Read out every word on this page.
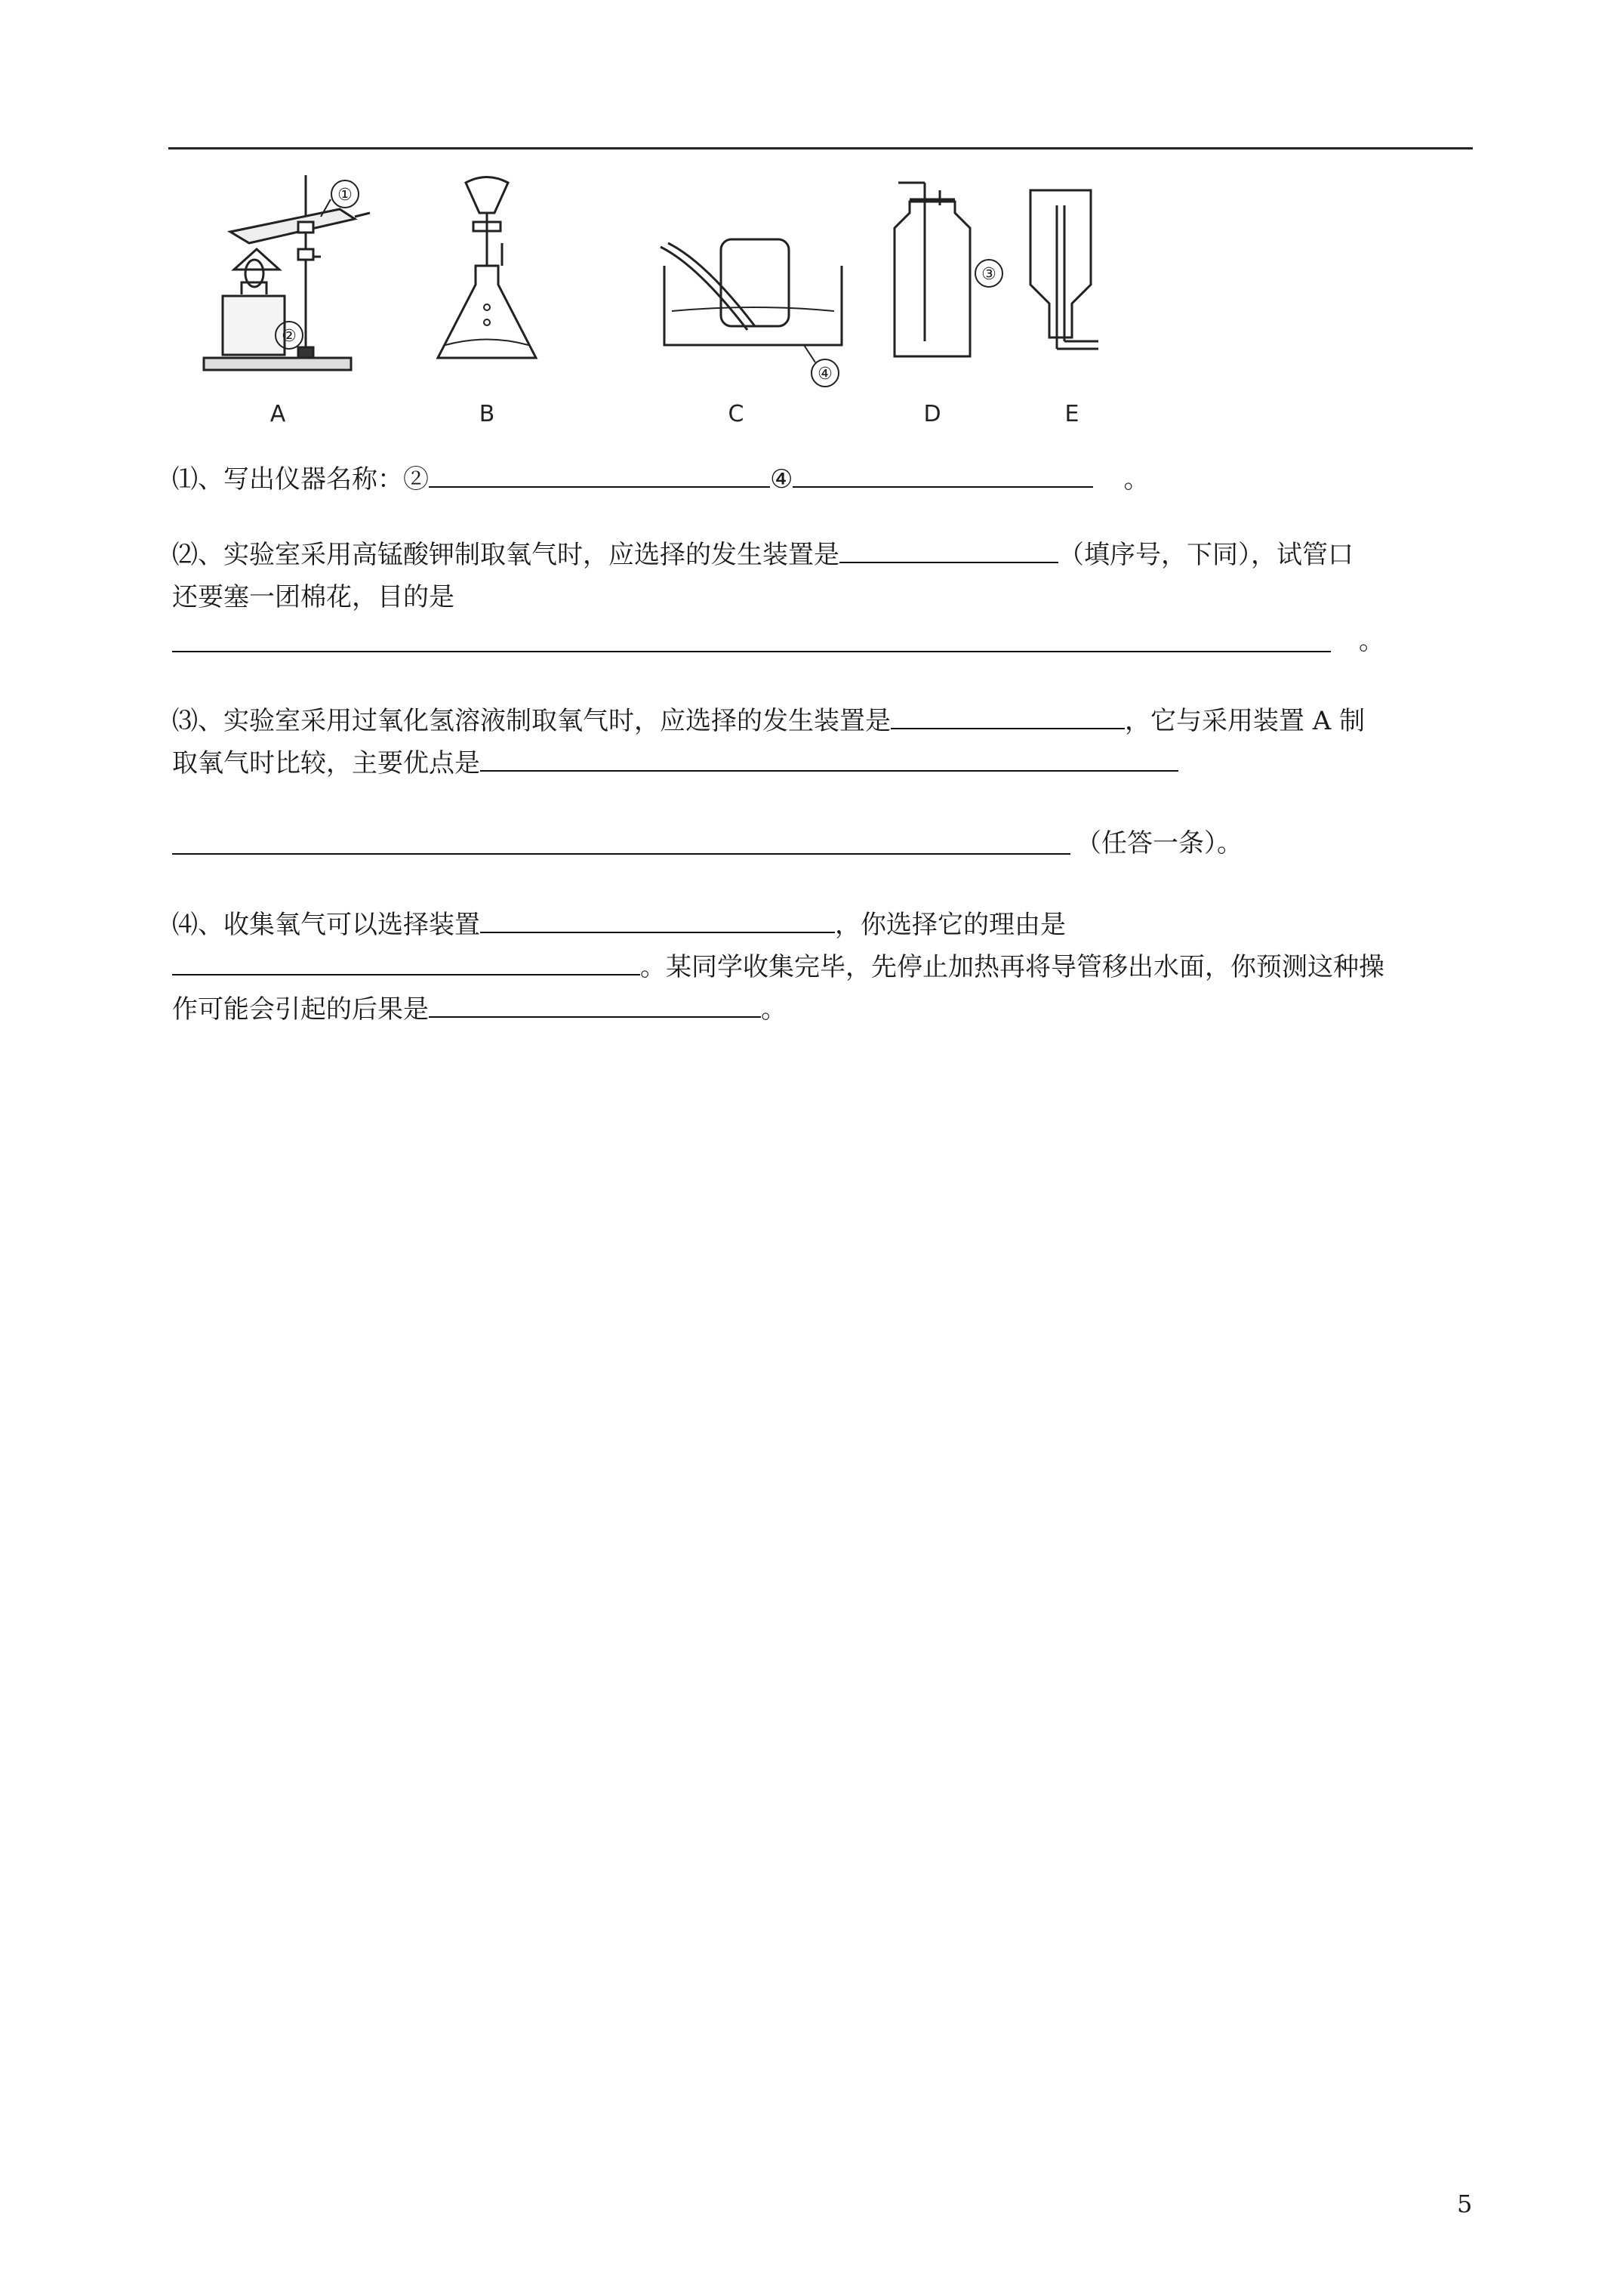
A	B	C	D	E
①
②
③
④
⑴、写出仪器名称：②	④	。
⑵、实验室采用高锰酸钾制取氧气时，应选择的发生装置是	（填序号，下同），试管口
还要塞一团棉花，目的是
。
⑶、实验室采用过氧化氢溶液制取氧气时，应选择的发生装置是	，它与采用装置 A 制
取氧气时比较，主要优点是
（任答一条）。
⑷、收集氧气可以选择装置	，你选择它的理由是
。某同学收集完毕，先停止加热再将导管移出水面，你预测这种操
作可能会引起的后果是	。
5
